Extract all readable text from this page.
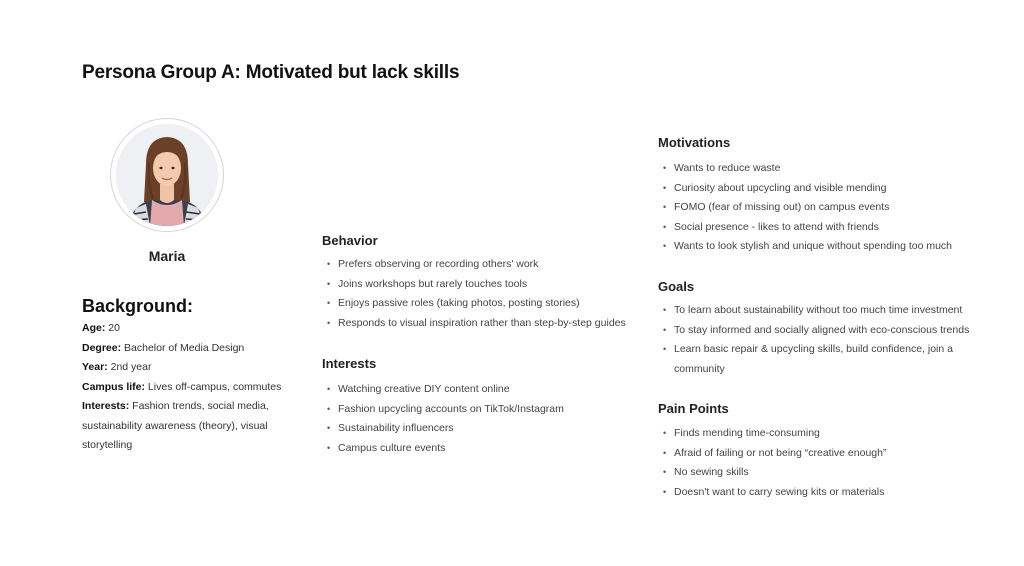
Persona Group A: Motivated but lack skills
Maria
Background:
Age: 20
Degree: Bachelor of Media Design
Year: 2nd year
Campus life: Lives off-campus, commutes
Interests: Fashion trends, social media, sustainability awareness (theory), visual storytelling
Behavior
• Prefers observing or recording others' work
• Joins workshops but rarely touches tools
• Enjoys passive roles (taking photos, posting stories)
• Responds to visual inspiration rather than step-by-step guides
Interests
• Watching creative DIY content online
• Fashion upcycling accounts on TikTok/Instagram
• Sustainability influencers
• Campus culture events
Motivations
• Wants to reduce waste
• Curiosity about upcycling and visible mending
• FOMO (fear of missing out) on campus events
• Social presence - likes to attend with friends
• Wants to look stylish and unique without spending too much
Goals
• To learn about sustainability without too much time investment
• To stay informed and socially aligned with eco-conscious trends
• Learn basic repair & upcycling skills, build confidence, join a community
Pain Points
• Finds mending time-consuming
• Afraid of failing or not being “creative enough”
• No sewing skills
• Doesn't want to carry sewing kits or materials
